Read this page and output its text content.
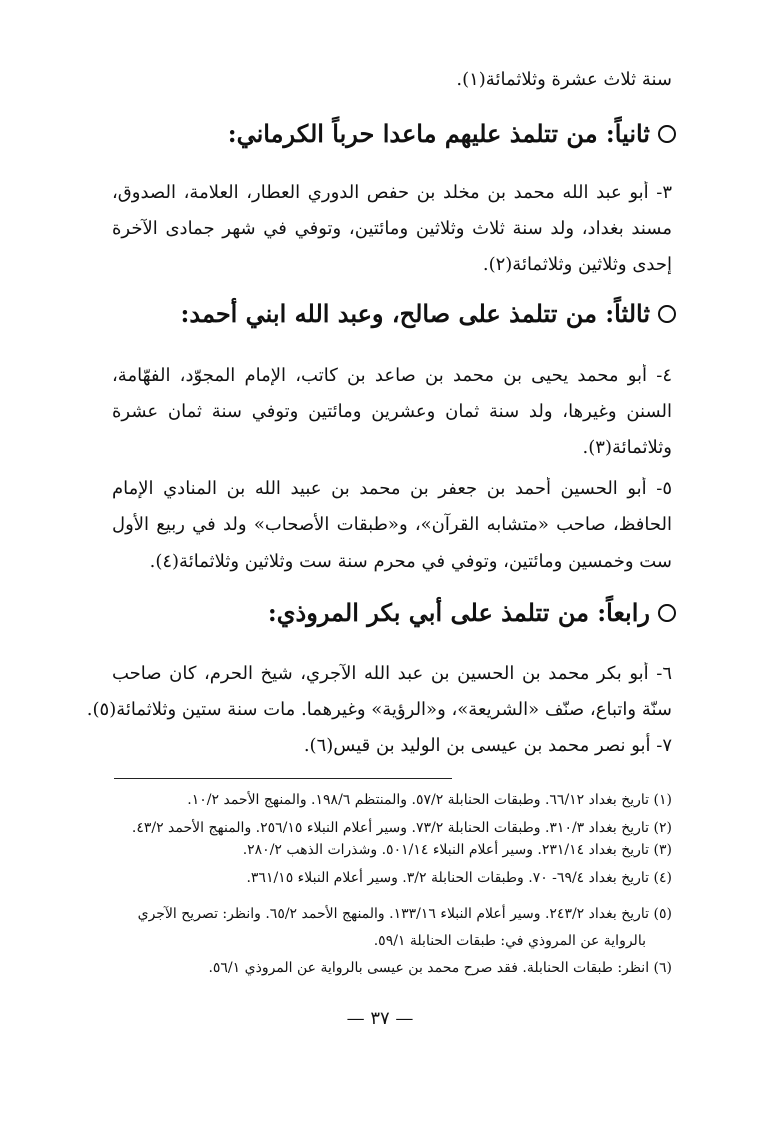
سنة ثلاث عشرة وثلاثمائة(١).
ثانياً: من تتلمذ عليهم ماعدا حرباً الكرماني:
٣- أبو عبد الله محمد بن مخلد بن حفص الدوري العطار، العلامة، الصدوق،
مسند بغداد، ولد سنة ثلاث وثلاثين ومائتين، وتوفي في شهر جمادى الآخرة
إحدى وثلاثين وثلاثمائة(٢).
ثالثاً: من تتلمذ على صالح، وعبد الله ابني أحمد:
٤- أبو محمد يحيى بن محمد بن صاعد بن كاتب، الإمام المجوّد، الفهّامة،
السنن وغيرها، ولد سنة ثمان وعشرين ومائتين وتوفي سنة ثمان عشرة
وثلاثمائة(٣).
٥- أبو الحسين أحمد بن جعفر بن محمد بن عبيد الله بن المنادي الإمام
الحافظ، صاحب «متشابه القرآن»، و«طبقات الأصحاب» ولد في ربيع الأول
ست وخمسين ومائتين، وتوفي في محرم سنة ست وثلاثين وثلاثمائة(٤).
رابعاً: من تتلمذ على أبي بكر المروذي:
٦- أبو بكر محمد بن الحسين بن عبد الله الآجري، شيخ الحرم، كان صاحب
سنّة واتباع، صنّف «الشريعة»، و«الرؤية» وغيرهما. مات سنة ستين وثلاثمائة(٥).
٧- أبو نصر محمد بن عيسى بن الوليد بن قيس(٦).
(١) تاريخ بغداد ٦٦/١٢. وطبقات الحنابلة ٥٧/٢. والمنتظم ١٩٨/٦. والمنهج الأحمد ١٠/٢.
(٢) تاريخ بغداد ٣١٠/٣. وطبقات الحنابلة ٧٣/٢. وسير أعلام النبلاء ٢٥٦/١٥. والمنهج الأحمد ٤٣/٢.
(٣) تاريخ بغداد ٢٣١/١٤. وسير أعلام النبلاء ٥٠١/١٤. وشذرات الذهب ٢٨٠/٢.
(٤) تاريخ بغداد ٦٩/٤- ٧٠. وطبقات الحنابلة ٣/٢. وسير أعلام النبلاء ٣٦١/١٥.
(٥) تاريخ بغداد ٢٤٣/٢. وسير أعلام النبلاء ١٣٣/١٦. والمنهج الأحمد ٦٥/٢. وانظر: تصريح الآجري
بالرواية عن المروذي في: طبقات الحنابلة ٥٩/١.
(٦) انظر: طبقات الحنابلة. فقد صرح محمد بن عيسى بالرواية عن المروذي ٥٦/١.
— ٣٧ —
